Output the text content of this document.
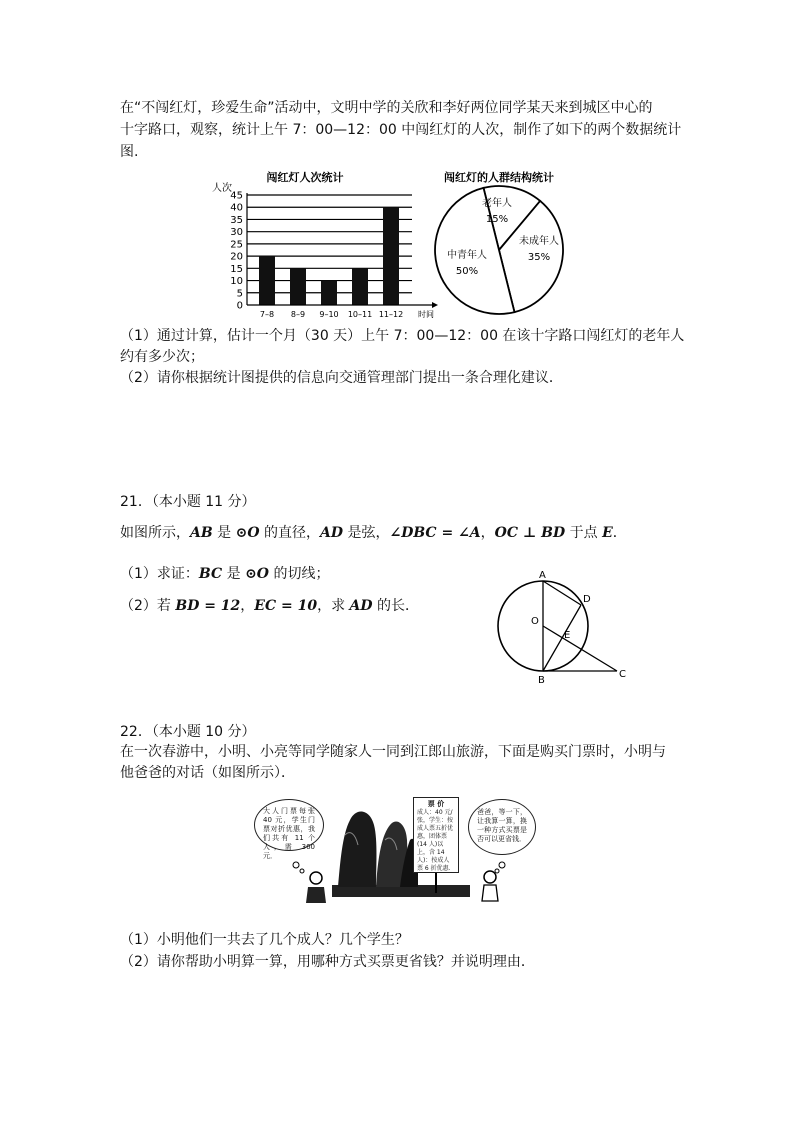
在“不闯红灯，珍爱生命”活动中，文明中学的关欣和李好两位同学某天来到城区中心的
十字路口，观察，统计上午 7：00—12：00 中闯红灯的人次，制作了如下的两个数据统计
图.
闯红灯人次统计
人次
0
5
10
15
20
25
30
35
40
45
7–8 8–9 9–10 10–11 11–12 时间
闯红灯的人群结构统计
老年人
15%
未成年人
35%
中青年人
50%
（1）通过计算，估计一个月（30 天）上午 7：00—12：00 在该十字路口闯红灯的老年人
约有多少次；
（2）请你根据统计图提供的信息向交通管理部门提出一条合理化建议．
21．（本小题 11 分）
如图所示，AB 是 ⊙O 的直径，AD 是弦，∠DBC = ∠A，OC ⊥ BD 于点 E．
（1）求证：BC 是 ⊙O 的切线；
（2）若 BD = 12，EC = 10，求 AD 的长．
A
D
O
E
B
C
22．（本小题 10 分）
在一次春游中，小明、小亮等同学随家人一同到江郎山旅游，下面是购买门票时，小明与
他爸爸的对话（如图所示）．
大人门票每张 40 元，学生门票对折优惠，我们共有 11 个人，需 360 元．
票 价
成人：40 元/张，学生：按成人票五折优惠，团体票(14 人)以上，含 14 人)：按成人票 6 折优惠．
爸爸，等一下，让我算一算，换一种方式买票是否可以更省钱．
（1）小明他们一共去了几个成人？几个学生？
（2）请你帮助小明算一算，用哪种方式买票更省钱？并说明理由．
